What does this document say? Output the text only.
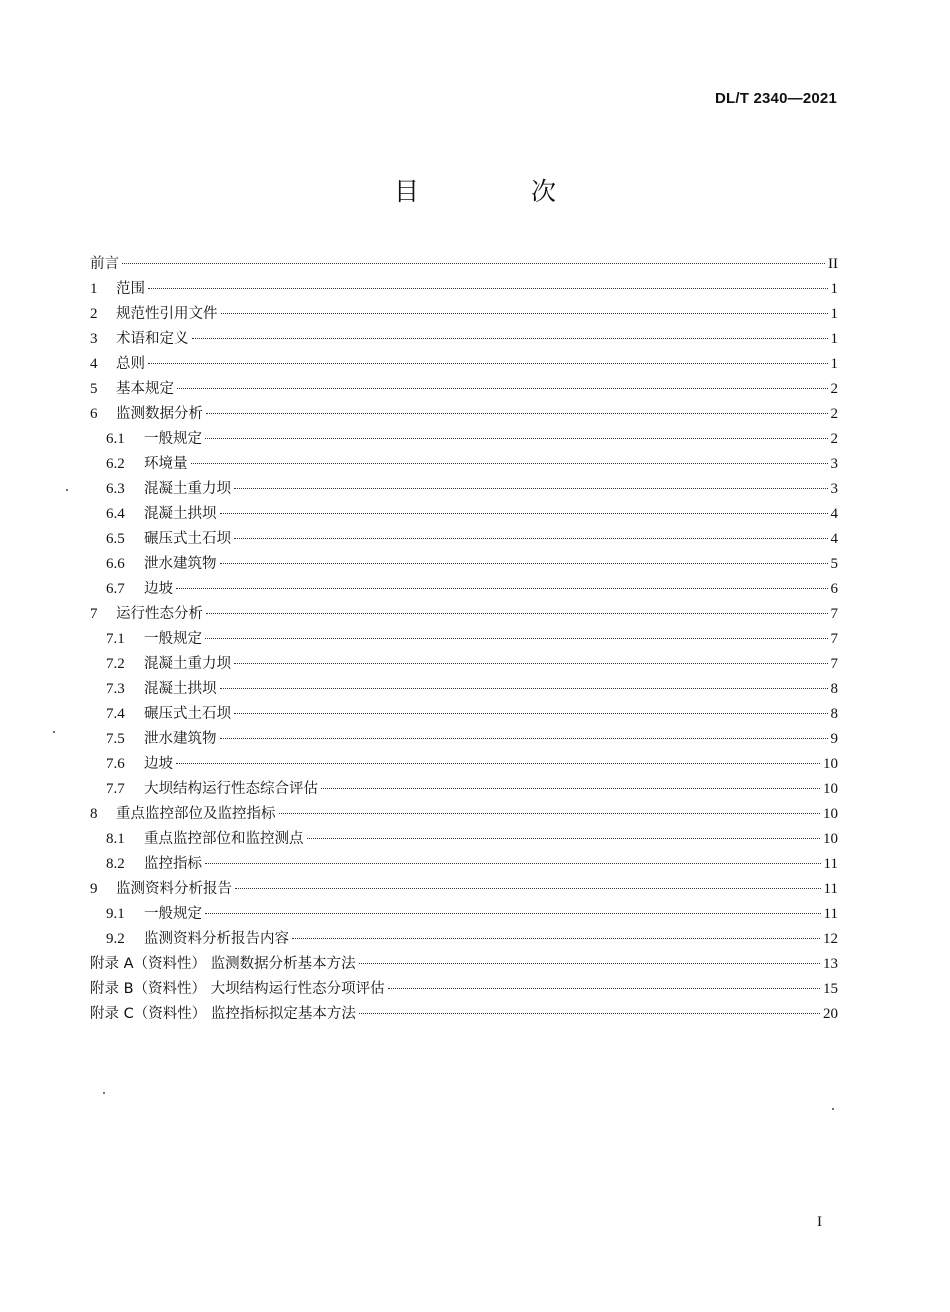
DL/T 2340—2021
目 次
前言	II
1	范围	1
2	规范性引用文件	1
3	术语和定义	1
4	总则	1
5	基本规定	2
6	监测数据分析	2
6.1	一般规定	2
6.2	环境量	3
6.3	混凝土重力坝	3
6.4	混凝土拱坝	4
6.5	碾压式土石坝	4
6.6	泄水建筑物	5
6.7	边坡	6
7	运行性态分析	7
7.1	一般规定	7
7.2	混凝土重力坝	7
7.3	混凝土拱坝	8
7.4	碾压式土石坝	8
7.5	泄水建筑物	9
7.6	边坡	10
7.7	大坝结构运行性态综合评估	10
8	重点监控部位及监控指标	10
8.1	重点监控部位和监控测点	10
8.2	监控指标	11
9	监测资料分析报告	11
9.1	一般规定	11
9.2	监测资料分析报告内容	12
附录 A（资料性） 监测数据分析基本方法	13
附录 B（资料性） 大坝结构运行性态分项评估	15
附录 C（资料性） 监控指标拟定基本方法	20
I
